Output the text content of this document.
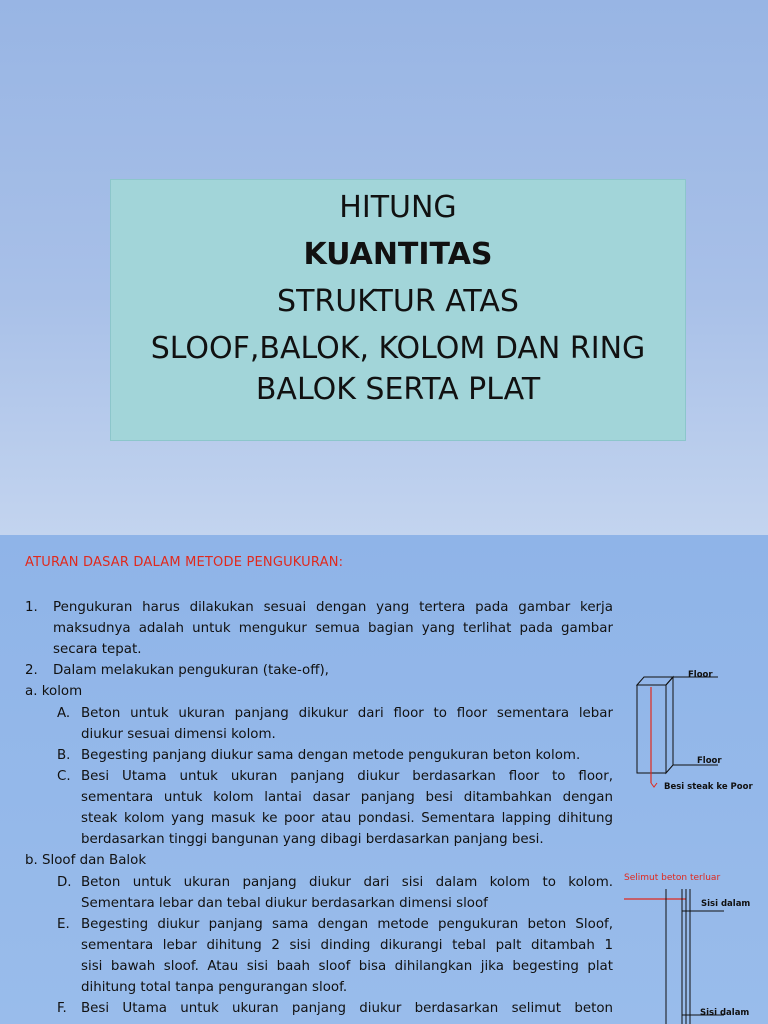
HITUNG
KUANTITAS
STRUKTUR ATAS
SLOOF,BALOK, KOLOM DAN RING
BALOK SERTA PLAT
ATURAN DASAR DALAM METODE PENGUKURAN:
1. Pengukuran harus dilakukan sesuai dengan yang tertera pada gambar kerja
maksudnya adalah untuk mengukur semua bagian yang terlihat pada gambar
secara tepat.
2. Dalam melakukan pengukuran (take-off),
a. kolom
A. Beton untuk ukuran panjang dikukur dari floor to floor sementara lebar
diukur sesuai dimensi kolom.
B. Begesting panjang diukur sama dengan metode pengukuran beton kolom.
C. Besi Utama untuk ukuran panjang diukur berdasarkan floor to floor,
sementara untuk kolom lantai dasar panjang besi ditambahkan dengan
steak kolom yang masuk ke poor atau pondasi. Sementara lapping dihitung
berdasarkan tinggi bangunan yang dibagi berdasarkan panjang besi.
b. Sloof dan Balok
D. Beton untuk ukuran panjang diukur dari sisi dalam kolom to kolom.
Sementara lebar dan tebal diukur berdasarkan dimensi sloof
E. Begesting diukur panjang sama dengan metode pengukuran beton Sloof,
sementara lebar dihitung 2 sisi dinding dikurangi tebal palt ditambah 1
sisi bawah sloof. Atau sisi baah sloof bisa dihilangkan jika begesting plat
dihitung total tanpa pengurangan sloof.
F. Besi Utama untuk ukuran panjang diukur berdasarkan selimut beton
Floor
Floor
Besi steak ke Poor
Selimut beton terluar
Sisi dalam
Sisi dalam
